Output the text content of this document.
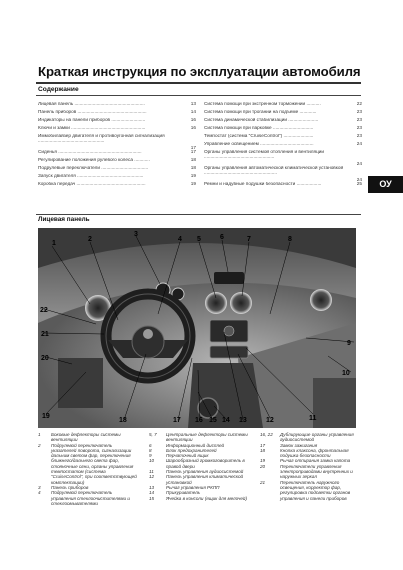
Краткая инструкция по эксплуатации автомобиля
Содержание
Лицевая панель ......................................................	13
Панель приборов .....................................................	14
Индикаторы на панели приборов ..........................	16
Ключи и замки .........................................................	16
Иммобилайзер двигателя и противоугонная сигнализация ...................................................
17
Сиденья ................................................................	17
Регулирование положения рулевого колеса ............	18
Подрулевые переключатели ....................................	18
Запуск двигателя ...................................................	19
Коробка передач .....................................................	19
Система помощи при экстренном торможении ...........	22
Система помощи при трогании на подъеме .............	23
Система динамической стабилизации .......................	23
Система помощи при парковке ...............................	23
Темпостат (система "CruiseControl") .......................	23
Управление освещением .........................................	24
Органы управления системой отопления и вентиляции ......................................................
24
Органы управления автоматической климатической установкой ........................................................
24
Ремни и надувные подушки безопасности ...................	25	ОУ
Лицевая панель
1
2
3
4 5	6	7	8
9
10
11
12
13
14
15
16
17
18
19
20
21
22
1	Боковые дефлекторы системы вентиляции
2	Подрулевой переключатель указателей поворота, сигнализации дальним светом фар, переключения ближнего/дальнего света фар, стояночные огни, органы управления темпостатом (система "CruiseControl", при соответствующей комплектации)
3	Панель приборов
4	Подрулевой переключатель управления стеклоочистителями и стеклоомывателями
5, 7	Центральные дефлекторы системы вентиляции
6	Информационный дисплей
8	Блок предохранителей
9	Перчаточный ящик
10	Шарообразный громкоговоритель в правой двери
11	Панель управления аудиосистемой
12	Панель управления климатической установкой
13	Рычаг управления РКПП
14	Прикуриватель
15	Ячейка в консоли (ящик для мелочей)
16, 22	Дублирующие органы управления аудиосистемой
17	Замок зажигания
18	Кнопка клаксона, фронтальная подушка безопасности
19	Рычаг отпирания замка капота
20	Переключатели управления электроприводами внутренних и наружных зеркал
21	Переключатель наружного освещения, корректор фар, регулировка подсветки органов управления и панели приборов
